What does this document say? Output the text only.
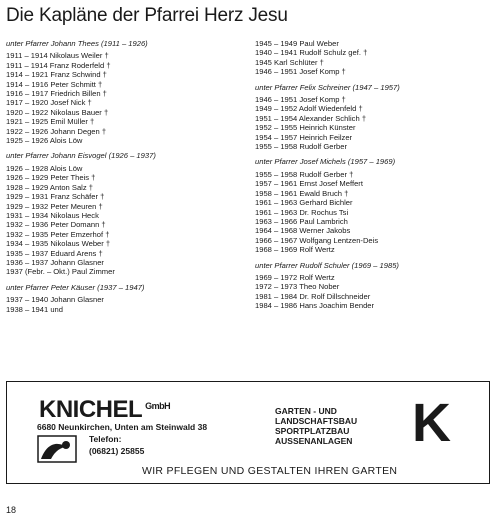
Die Kapläne der Pfarrei Herz Jesu
unter Pfarrer Johann Thees (1911 – 1926)
1911 – 1914 Nikolaus Weiler †
1911 – 1914 Franz Roderfeld †
1914 – 1921 Franz Schwind †
1914 – 1916 Peter Schmitt †
1916 – 1917 Friedrich Billen †
1917 – 1920 Josef Nick †
1920 – 1922 Nikolaus Bauer †
1921 – 1925 Emil Müller †
1922 – 1926 Johann Degen †
1925 – 1926 Alois Löw
unter Pfarrer Johann Eisvogel (1926 – 1937)
1926 – 1928 Alois Löw
1926 – 1929 Peter Theis †
1928 – 1929 Anton Salz †
1929 – 1931 Franz Schäfer †
1929 – 1932 Peter Meuren †
1931 – 1934 Nikolaus Heck
1932 – 1936 Peter Domann †
1932 – 1935 Peter Emzerhof †
1934 – 1935 Nikolaus Weber †
1935 – 1937 Eduard Arens †
1936 – 1937 Johann Glasner
1937 (Febr. – Okt.) Paul Zimmer
unter Pfarrer Peter Käuser (1937 – 1947)
1937 – 1940 Johann Glasner
1938 – 1941 und
1945 – 1949 Paul Weber
1940 – 1941 Rudolf Schulz gef. †
1945 Karl Schlüter †
1946 – 1951 Josef Komp †
unter Pfarrer Felix Schreiner (1947 – 1957)
1946 – 1951 Josef Komp †
1949 – 1952 Adolf Wiedenfeld †
1951 – 1954 Alexander Schlich †
1952 – 1955 Heinrich Künster
1954 – 1957 Heinrich Feilzer
1955 – 1958 Rudolf Gerber
unter Pfarrer Josef Michels (1957 – 1969)
1955 – 1958 Rudolf Gerber †
1957 – 1961 Ernst Josef Meffert
1958 – 1961 Ewald Bruch †
1961 – 1963 Gerhard Bichler
1961 – 1963 Dr. Rochus Tsi
1963 – 1966 Paul Lambrich
1964 – 1968 Werner Jakobs
1966 – 1967 Wolfgang Lentzen-Deis
1968 – 1969 Rolf Wertz
unter Pfarrer Rudolf Schuler (1969 – 1985)
1969 – 1972 Rolf Wertz
1972 – 1973 Theo Nober
1981 – 1984 Dr. Rolf Dillschneider
1984 – 1986 Hans Joachim Bender
KNICHEL $^{GmbH}$
6680 Neunkirchen, Unten am Steinwald 38
Telefon:
(06821) 25855
GARTEN - UND
LANDSCHAFTSBAU
SPORTPLATZBAU
AUSSENANLAGEN K
WIR PFLEGEN UND GESTALTEN IHREN GARTEN
18
